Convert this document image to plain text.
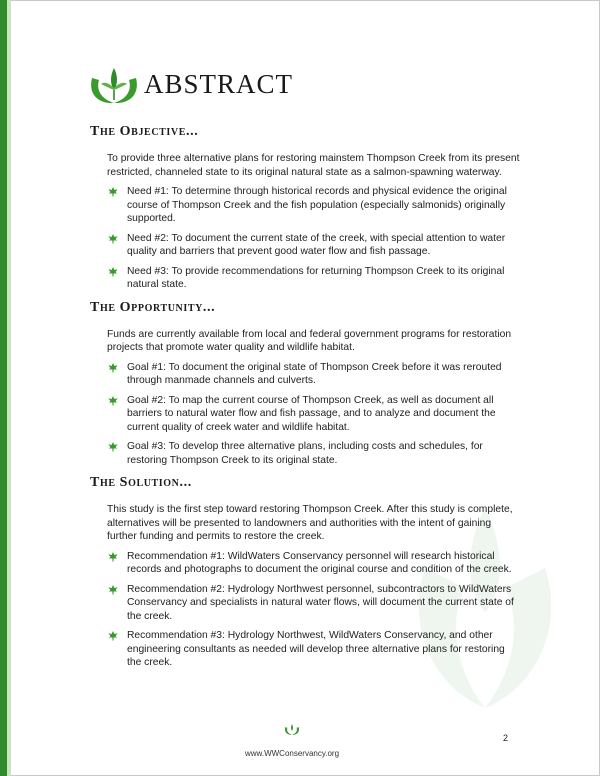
ABSTRACT
The Objective...
To provide three alternative plans for restoring mainstem Thompson Creek from its present restricted, channeled state to its original natural state as a salmon-spawning waterway.
Need #1: To determine through historical records and physical evidence the original course of Thompson Creek and the fish population (especially salmonids) originally supported.
Need #2: To document the current state of the creek, with special attention to water quality and barriers that prevent good water flow and fish passage.
Need #3: To provide recommendations for returning Thompson Creek to its original natural state.
The Opportunity...
Funds are currently available from local and federal government programs for restoration projects that promote water quality and wildlife habitat.
Goal #1: To document the original state of Thompson Creek before it was rerouted through manmade channels and culverts.
Goal #2: To map the current course of Thompson Creek, as well as document all barriers to natural water flow and fish passage, and to analyze and document the current quality of creek water and wildlife habitat.
Goal #3: To develop three alternative plans, including costs and schedules, for restoring Thompson Creek to its original state.
The Solution...
This study is the first step toward restoring Thompson Creek. After this study is complete, alternatives will be presented to landowners and authorities with the intent of gaining further funding and permits to restore the creek.
Recommendation #1: WildWaters Conservancy personnel will research historical records and photographs to document the original course and condition of the creek.
Recommendation #2: Hydrology Northwest personnel, subcontractors to WildWaters Conservancy and specialists in natural water flows, will document the current state of the creek.
Recommendation #3: Hydrology Northwest, WildWaters Conservancy, and other engineering consultants as needed will develop three alternative plans for restoring the creek.
2
www.WWConservancy.org
